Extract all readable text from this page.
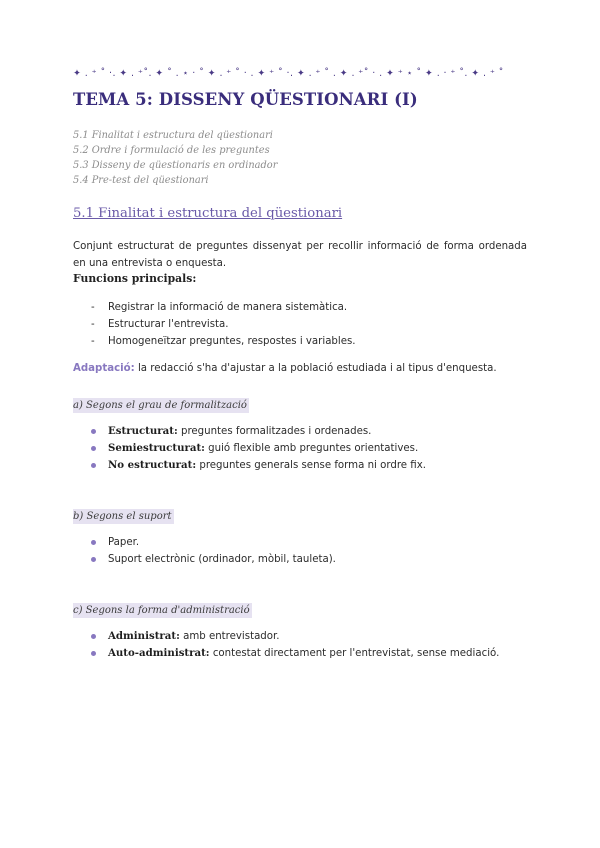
✦ . ⁺ ˚ ·. ✦ . ⁺˚. ✦ ˚ . ⋆ · ˚ ✦ . ⁺ ˚ · . ✦ ⁺ ˚ ·. ✦ . ⁺ ˚ . ✦ . ⁺˚ · . ✦ ⁺ ⋆ ˚ ✦ . · ⁺ ˚. ✦ . ⁺ ˚
TEMA 5: DISSENY QÜESTIONARI (I)
5.1 Finalitat i estructura del qüestionari
5.2 Ordre i formulació de les preguntes
5.3 Disseny de qüestionaris en ordinador
5.4 Pre-test del qüestionari
5.1 Finalitat i estructura del qüestionari
Conjunt estructurat de preguntes dissenyat per recollir informació de forma ordenada en una entrevista o enquesta.
Funcions principals:
- Registrar la informació de manera sistemàtica.
- Estructurar l'entrevista.
- Homogeneïtzar preguntes, respostes i variables.
Adaptació: la redacció s'ha d'ajustar a la població estudiada i al tipus d'enquesta.
a) Segons el grau de formalització
Estructurat: preguntes formalitzades i ordenades.
Semiestructurat: guió flexible amb preguntes orientatives.
No estructurat: preguntes generals sense forma ni ordre fix.
b) Segons el suport
Paper.
Suport electrònic (ordinador, mòbil, tauleta).
c) Segons la forma d'administració
Administrat: amb entrevistador.
Auto-administrat: contestat directament per l'entrevistat, sense mediació.
